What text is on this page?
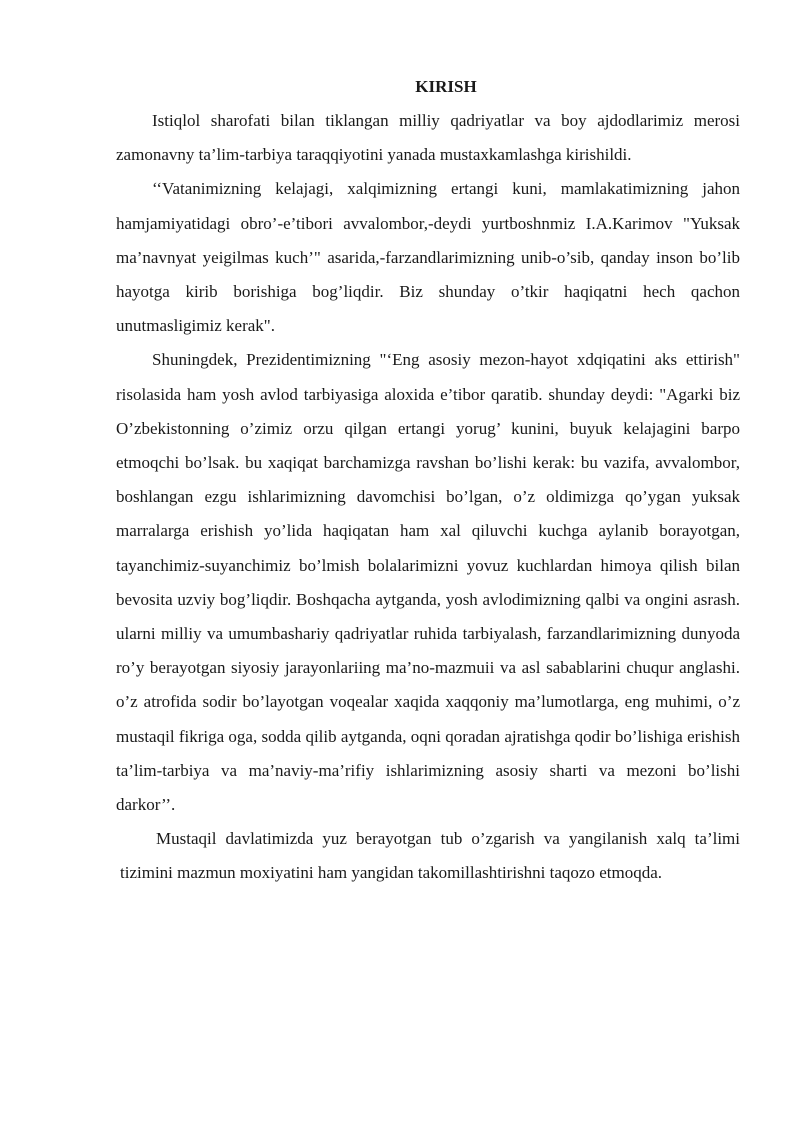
KIRISH

Istiqlol sharofati bilan tiklangan milliy qadriyatlar va boy ajdodlarimiz merosi zamonavny ta’lim-tarbiya taraqqiyotini yanada mustaxkamlashga kirishildi.

‘‘Vatanimizning kelajagi, xalqimizning ertangi kuni, mamlakatimizning jahon hamjamiyatidagi obro’-e’tibori avvalombor,-deydi yurtboshnmiz I.A.Karimov "Yuksak ma’navnyat yeigilmas kuch’" asarida,-farzandlarimizning unib-o’sib, qanday inson bo’lib hayotga kirib borishiga bog’liqdir. Biz shunday o’tkir haqiqatni hech qachon unutmasligimiz kerak".

Shuningdek, Prezidentimizning "‘Eng asosiy mezon-hayot xdqiqatini aks ettirish" risolasida ham yosh avlod tarbiyasiga aloxida e’tibor qaratib. shunday deydi: "Agarki biz O’zbekistonning o’zimiz orzu qilgan ertangi yorug’ kunini, buyuk kelajagini barpo etmoqchi bo’lsak. bu xaqiqat barchamizga ravshan bo’lishi kerak: bu vazifa, avvalombor, boshlangan ezgu ishlarimizning davomchisi bo’lgan, o’z oldimizga qo’ygan yuksak marralarga erishish yo’lida haqiqatan ham xal qiluvchi kuchga aylanib borayotgan, tayanchimiz-suyanchimiz bo’lmish bolalarimizni yovuz kuchlardan himoya qilish bilan bevosita uzviy bog’liqdir. Boshqacha aytganda, yosh avlodimizning qalbi va ongini asrash. ularni milliy va umumbashariy qadriyatlar ruhida tarbiyalash, farzandlarimizning dunyoda ro’y berayotgan siyosiy jarayonlariing ma’no-mazmuii va asl sabablarini chuqur anglashi. o’z atrofida sodir bo’layotgan voqealar xaqida xaqqoniy ma’lumotlarga, eng muhimi, o’z mustaqil fikriga oga, sodda qilib aytganda, oqni qoradan ajratishga qodir bo’lishiga erishish ta’lim-tarbiya va ma’naviy-ma’rifiy ishlarimizning asosiy sharti va mezoni bo’lishi darkor’’.

Mustaqil davlatimizda yuz berayotgan tub o’zgarish va yangilanish xalq ta’limi tizimini mazmun moxiyatini ham yangidan takomillashtirishni taqozo etmoqda.
